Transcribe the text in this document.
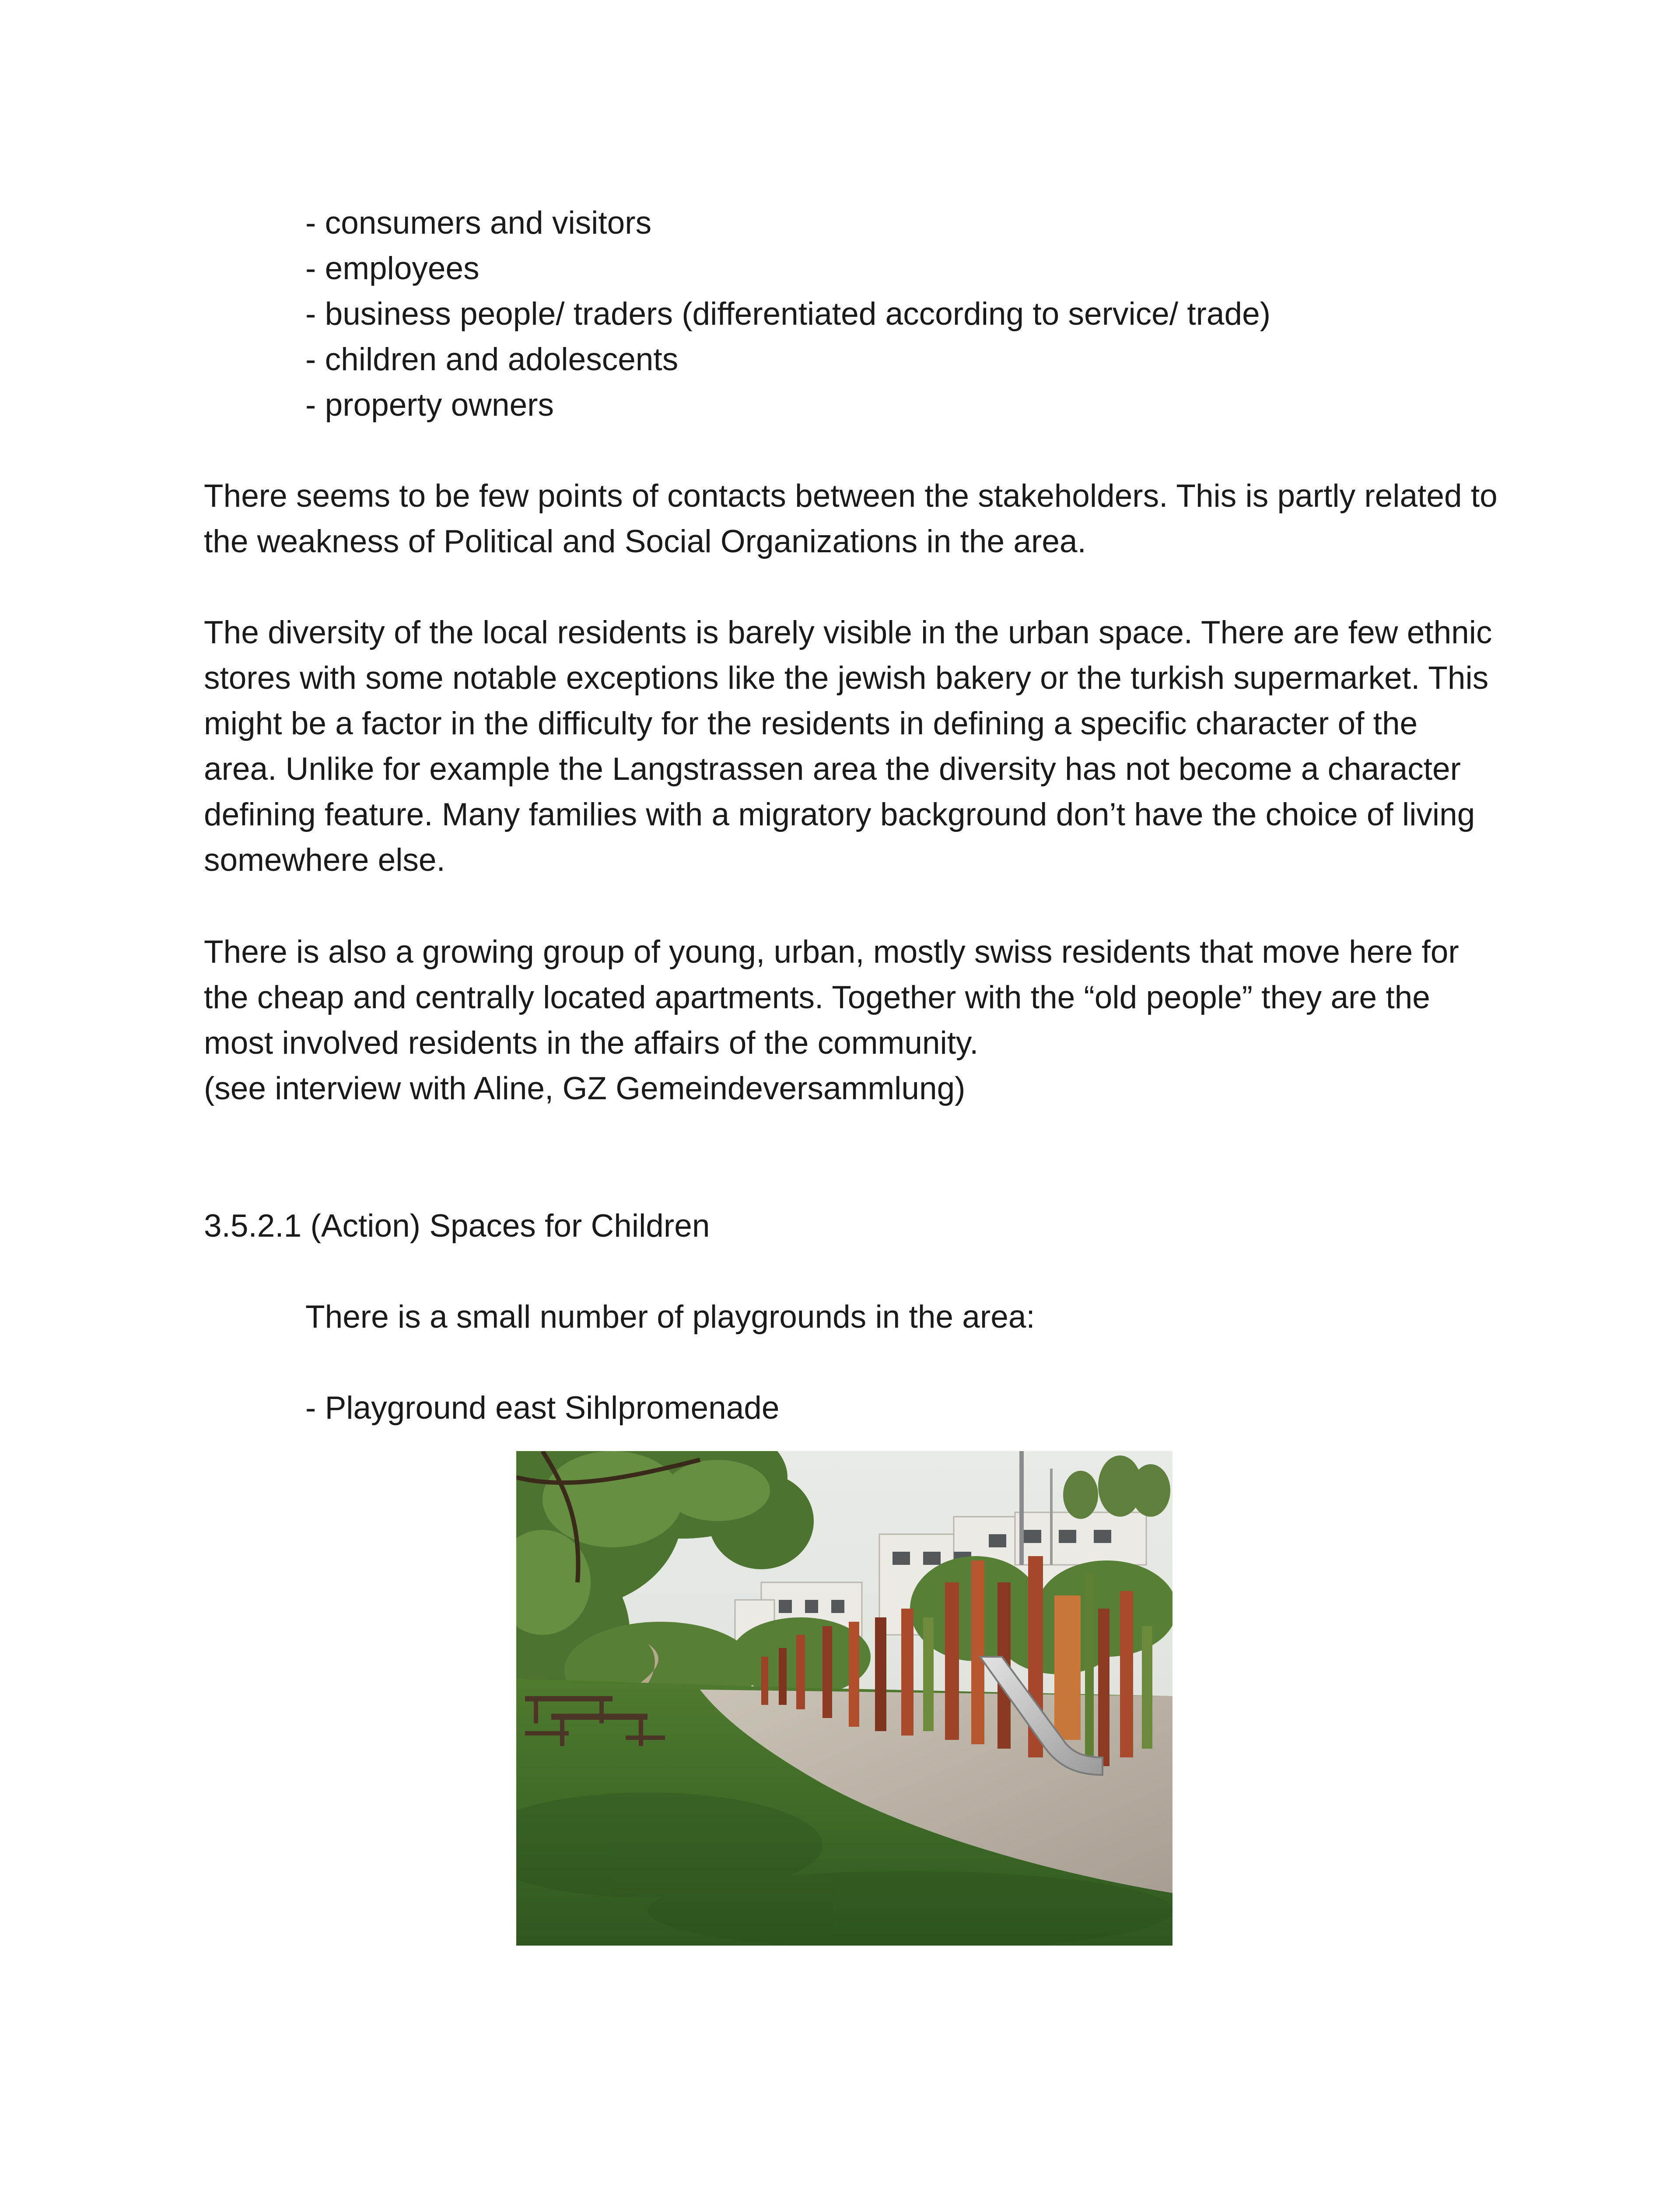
- consumers and visitors
- employees
- business people/ traders (differentiated according to service/ trade)
- children and adolescents
- property owners

There seems to be few points of contacts between the stakeholders. This is partly related to the weakness of Political and Social Organizations in the area.

The diversity of the local residents is barely visible in the urban space. There are few ethnic stores with some notable exceptions like the jewish bakery or the turkish supermarket. This might be a factor in the difficulty for the residents in defining a specific character of the area. Unlike for example the Langstrassen area the diversity has not become a character defining feature. Many families with a migratory background don’t have the choice of living somewhere else.

There is also a growing group of young, urban, mostly swiss residents that move here for the cheap and centrally located apartments. Together with the “old people” they are the most involved residents in the affairs of the community.
(see interview with Aline, GZ Gemeindeversammlung)
3.5.2.1 (Action) Spaces for Children
There is a small number of playgrounds in the area:
- Playground east Sihlpromenade
